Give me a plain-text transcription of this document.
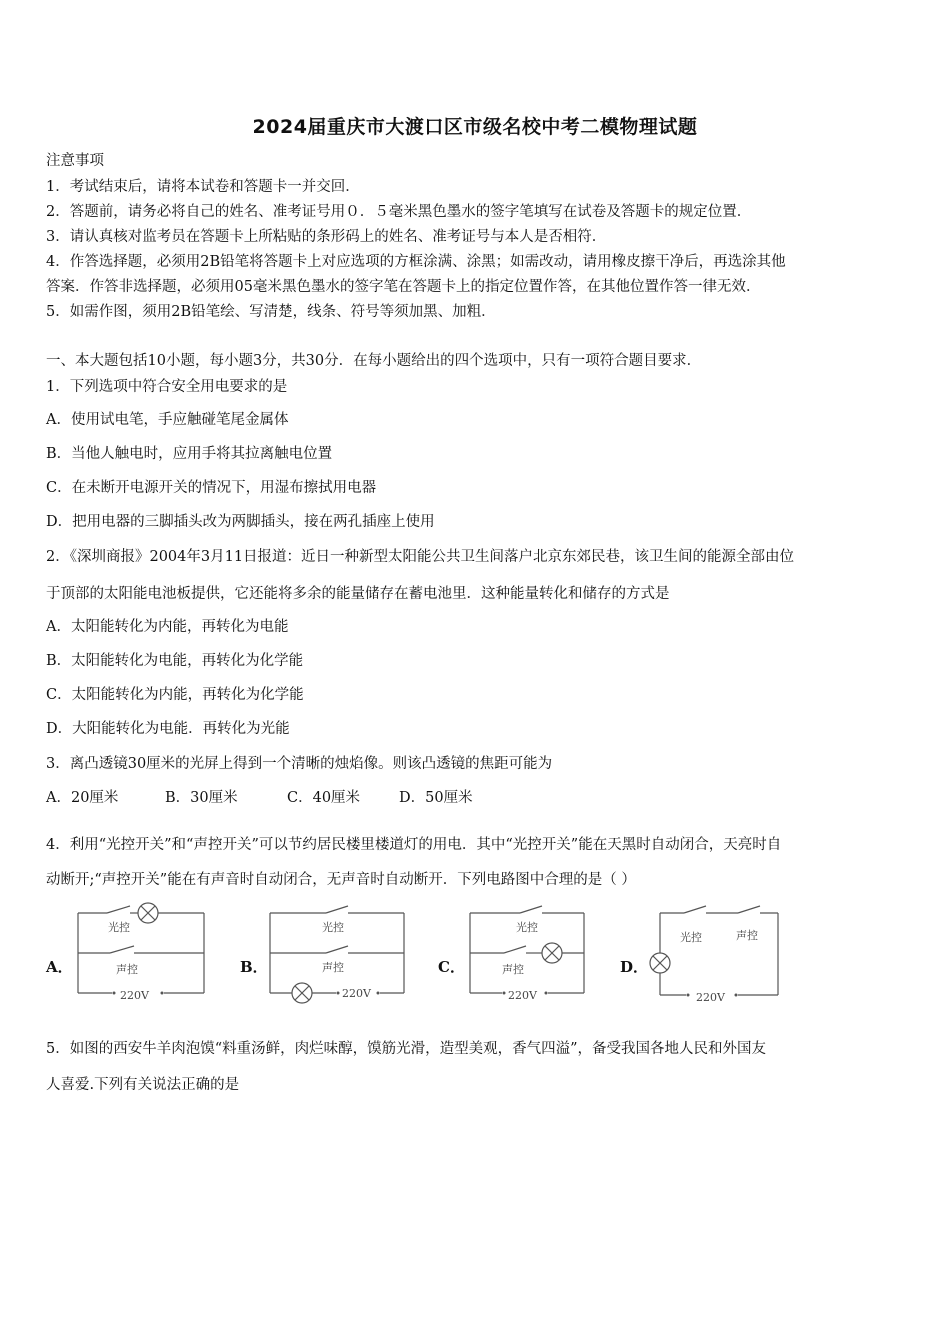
2024届重庆市大渡口区市级名校中考二模物理试题
注意事项
1．考试结束后，请将本试卷和答题卡一并交回．
2．答题前，请务必将自己的姓名、准考证号用０．５毫米黑色墨水的签字笔填写在试卷及答题卡的规定位置．
3．请认真核对监考员在答题卡上所粘贴的条形码上的姓名、准考证号与本人是否相符．
4．作答选择题，必须用2B铅笔将答题卡上对应选项的方框涂满、涂黑；如需改动，请用橡皮擦干净后，再选涂其他
答案．作答非选择题，必须用05毫米黑色墨水的签字笔在答题卡上的指定位置作答，在其他位置作答一律无效．
5．如需作图，须用2B铅笔绘、写清楚，线条、符号等须加黑、加粗．
一、本大题包括10小题，每小题3分，共30分．在每小题给出的四个选项中，只有一项符合题目要求．
1．下列选项中符合安全用电要求的是
A．使用试电笔，手应触碰笔尾金属体
B．当他人触电时，应用手将其拉离触电位置
C．在未断开电源开关的情况下，用湿布擦拭用电器
D．把用电器的三脚插头改为两脚插头，接在两孔插座上使用
2．《深圳商报》2004年3月11日报道：近日一种新型太阳能公共卫生间落户北京东郊民巷，该卫生间的能源全部由位
于顶部的太阳能电池板提供，它还能将多余的能量储存在蓄电池里．这种能量转化和储存的方式是
A．太阳能转化为内能，再转化为电能
B．太阳能转化为电能，再转化为化学能
C．太阳能转化为内能，再转化为化学能
D．大阳能转化为电能．再转化为光能
3．离凸透镜30厘米的光屏上得到一个清晰的烛焰像。则该凸透镜的焦距可能为
A．20厘米	B．30厘米	C．40厘米	D．50厘米
4．利用“光控开关”和“声控开关”可以节约居民楼里楼道灯的用电．其中“光控开关”能在天黑时自动闭合，天亮时自
动断开;“声控开关”能在有声音时自动闭合，无声音时自动断开．下列电路图中合理的是（ ）
A．
光控
声控
220V
B．
光控
声控
220V
C．
光控
声控
220V
D．
光控	声控
220V
5．如图的西安牛羊肉泡馍“料重汤鲜，肉烂味醇，馍筋光滑，造型美观，香气四溢”，备受我国各地人民和外国友
人喜爱.下列有关说法正确的是
